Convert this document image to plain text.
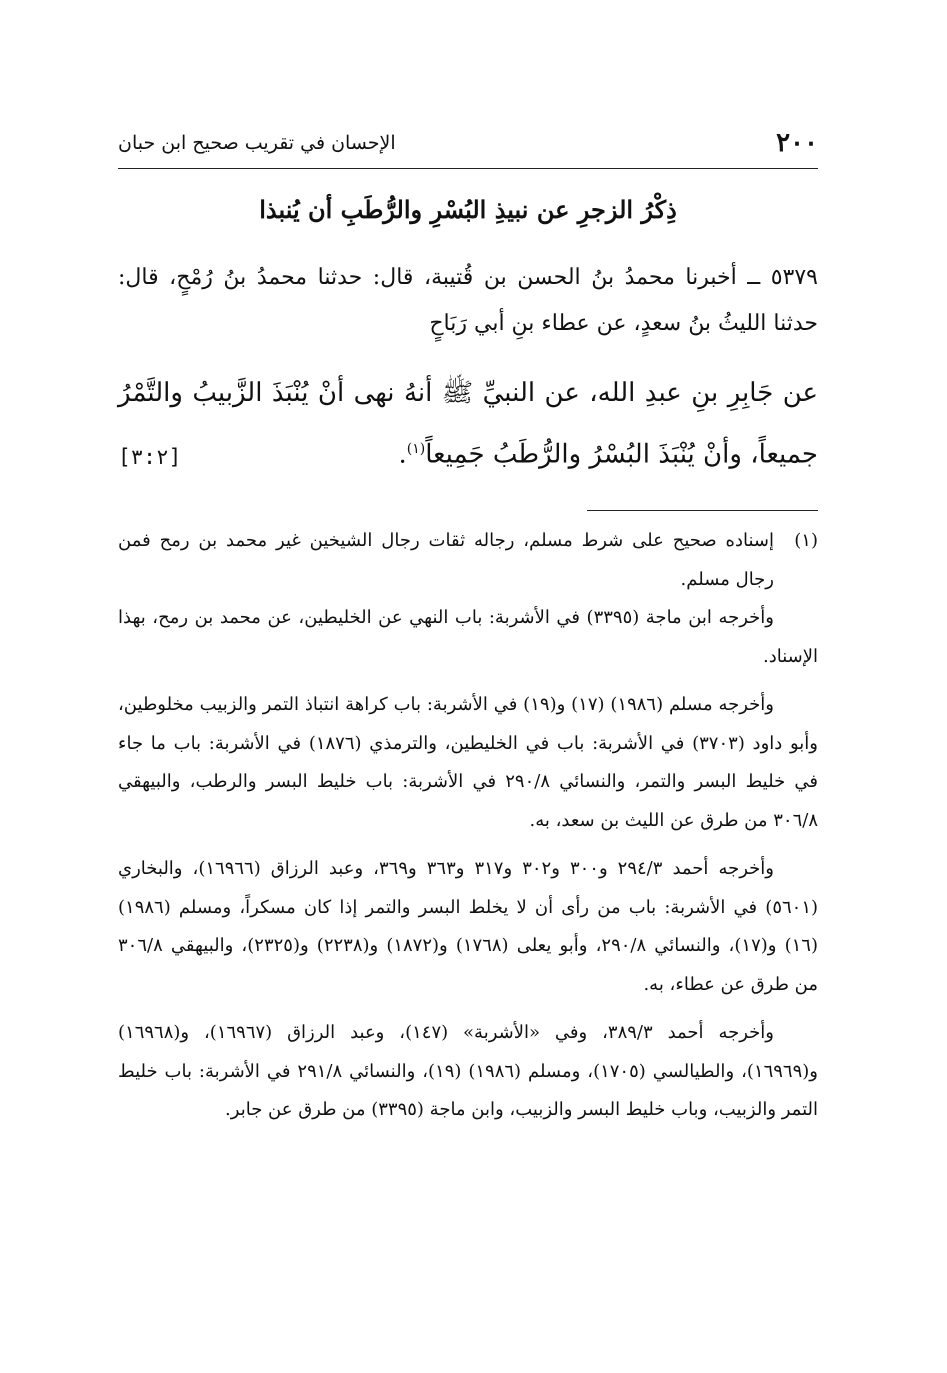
٢٠٠
الإحسان في تقريب صحيح ابن حبان
ذِكْرُ الزجرِ عن نبيذِ البُسْرِ والرُّطَبِ أن يُنبذا

٥٣٧٩ ــ أخبرنا محمدُ بنُ الحسن بن قُتيبة، قال: حدثنا محمدُ بنُ رُمْحٍ، قال: حدثنا الليثُ بنُ سعدٍ، عن عطاء بنِ أبي رَبَاحٍ

عن جَابِرِ بنِ عبدِ الله، عن النبيِّ ﷺ أنهُ نهى أنْ يُنْبَذَ الزَّبيبُ والتَّمْرُ جميعاً، وأنْ يُنْبَذَ البُسْرُ والرُّطَبُ جَمِيعاً$^{(١)}$.
[٣:٢]

(١)
إسناده صحيح على شرط مسلم، رجاله ثقات رجال الشيخين غير محمد بن رمح فمن رجال مسلم.

وأخرجه ابن ماجة (٣٣٩٥) في الأشربة: باب النهي عن الخليطين، عن محمد بن رمح، بهذا الإسناد.

وأخرجه مسلم (١٩٨٦) (١٧) و(١٩) في الأشربة: باب كراهة انتباذ التمر والزبيب مخلوطين، وأبو داود (٣٧٠٣) في الأشربة: باب في الخليطين، والترمذي (١٨٧٦) في الأشربة: باب ما جاء في خليط البسر والتمر، والنسائي ٢٩٠/٨ في الأشربة: باب خليط البسر والرطب، والبيهقي ٣٠٦/٨ من طرق عن الليث بن سعد، به.

وأخرجه أحمد ٢٩٤/٣ و٣٠٠ و٣٠٢ و٣١٧ و٣٦٣ و٣٦٩، وعبد الرزاق (١٦٩٦٦)، والبخاري (٥٦٠١) في الأشربة: باب من رأى أن لا يخلط البسر والتمر إذا كان مسكراً، ومسلم (١٩٨٦) (١٦) و(١٧)، والنسائي ٢٩٠/٨، وأبو يعلى (١٧٦٨) و(١٨٧٢) و(٢٢٣٨) و(٢٣٢٥)، والبيهقي ٣٠٦/٨ من طرق عن عطاء، به.

وأخرجه أحمد ٣٨٩/٣، وفي «الأشربة» (١٤٧)، وعبد الرزاق (١٦٩٦٧)، و(١٦٩٦٨) و(١٦٩٦٩)، والطيالسي (١٧٠٥)، ومسلم (١٩٨٦) (١٩)، والنسائي ٢٩١/٨ في الأشربة: باب خليط التمر والزبيب، وباب خليط البسر والزبيب، وابن ماجة (٣٣٩٥) من طرق عن جابر.
